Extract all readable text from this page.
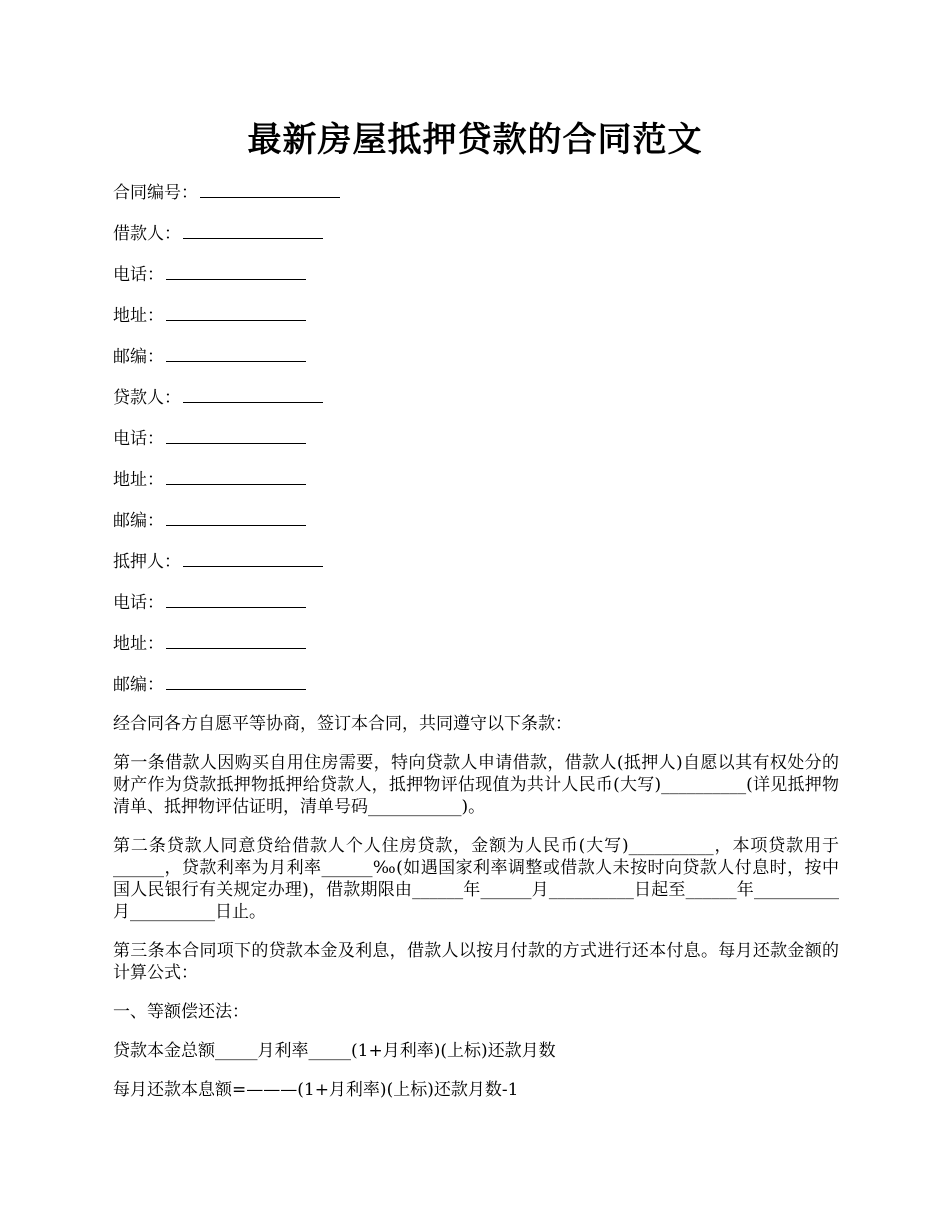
最新房屋抵押贷款的合同范文
合同编号：
借款人：
电话：
地址：
邮编：
贷款人：
电话：
地址：
邮编：
抵押人：
电话：
地址：
邮编：

经合同各方自愿平等协商，签订本合同，共同遵守以下条款：

第一条借款人因购买自用住房需要，特向贷款人申请借款，借款人(抵押人)自愿以其有权处分的财产作为贷款抵押物抵押给贷款人，抵押物评估现值为共计人民币(大写)__________(详见抵押物清单、抵押物评估证明，清单号码___________)。

第二条贷款人同意贷给借款人个人住房贷款，金额为人民币(大写)__________，本项贷款用于______，贷款利率为月利率______‰(如遇国家利率调整或借款人未按时向贷款人付息时，按中国人民银行有关规定办理)，借款期限由______年______月__________日起至______年__________月__________日止。

第三条本合同项下的贷款本金及利息，借款人以按月付款的方式进行还本付息。每月还款金额的计算公式：

一、等额偿还法：

贷款本金总额_____月利率_____(1+月利率)(上标)还款月数

每月还款本息额=———(1+月利率)(上标)还款月数-1
